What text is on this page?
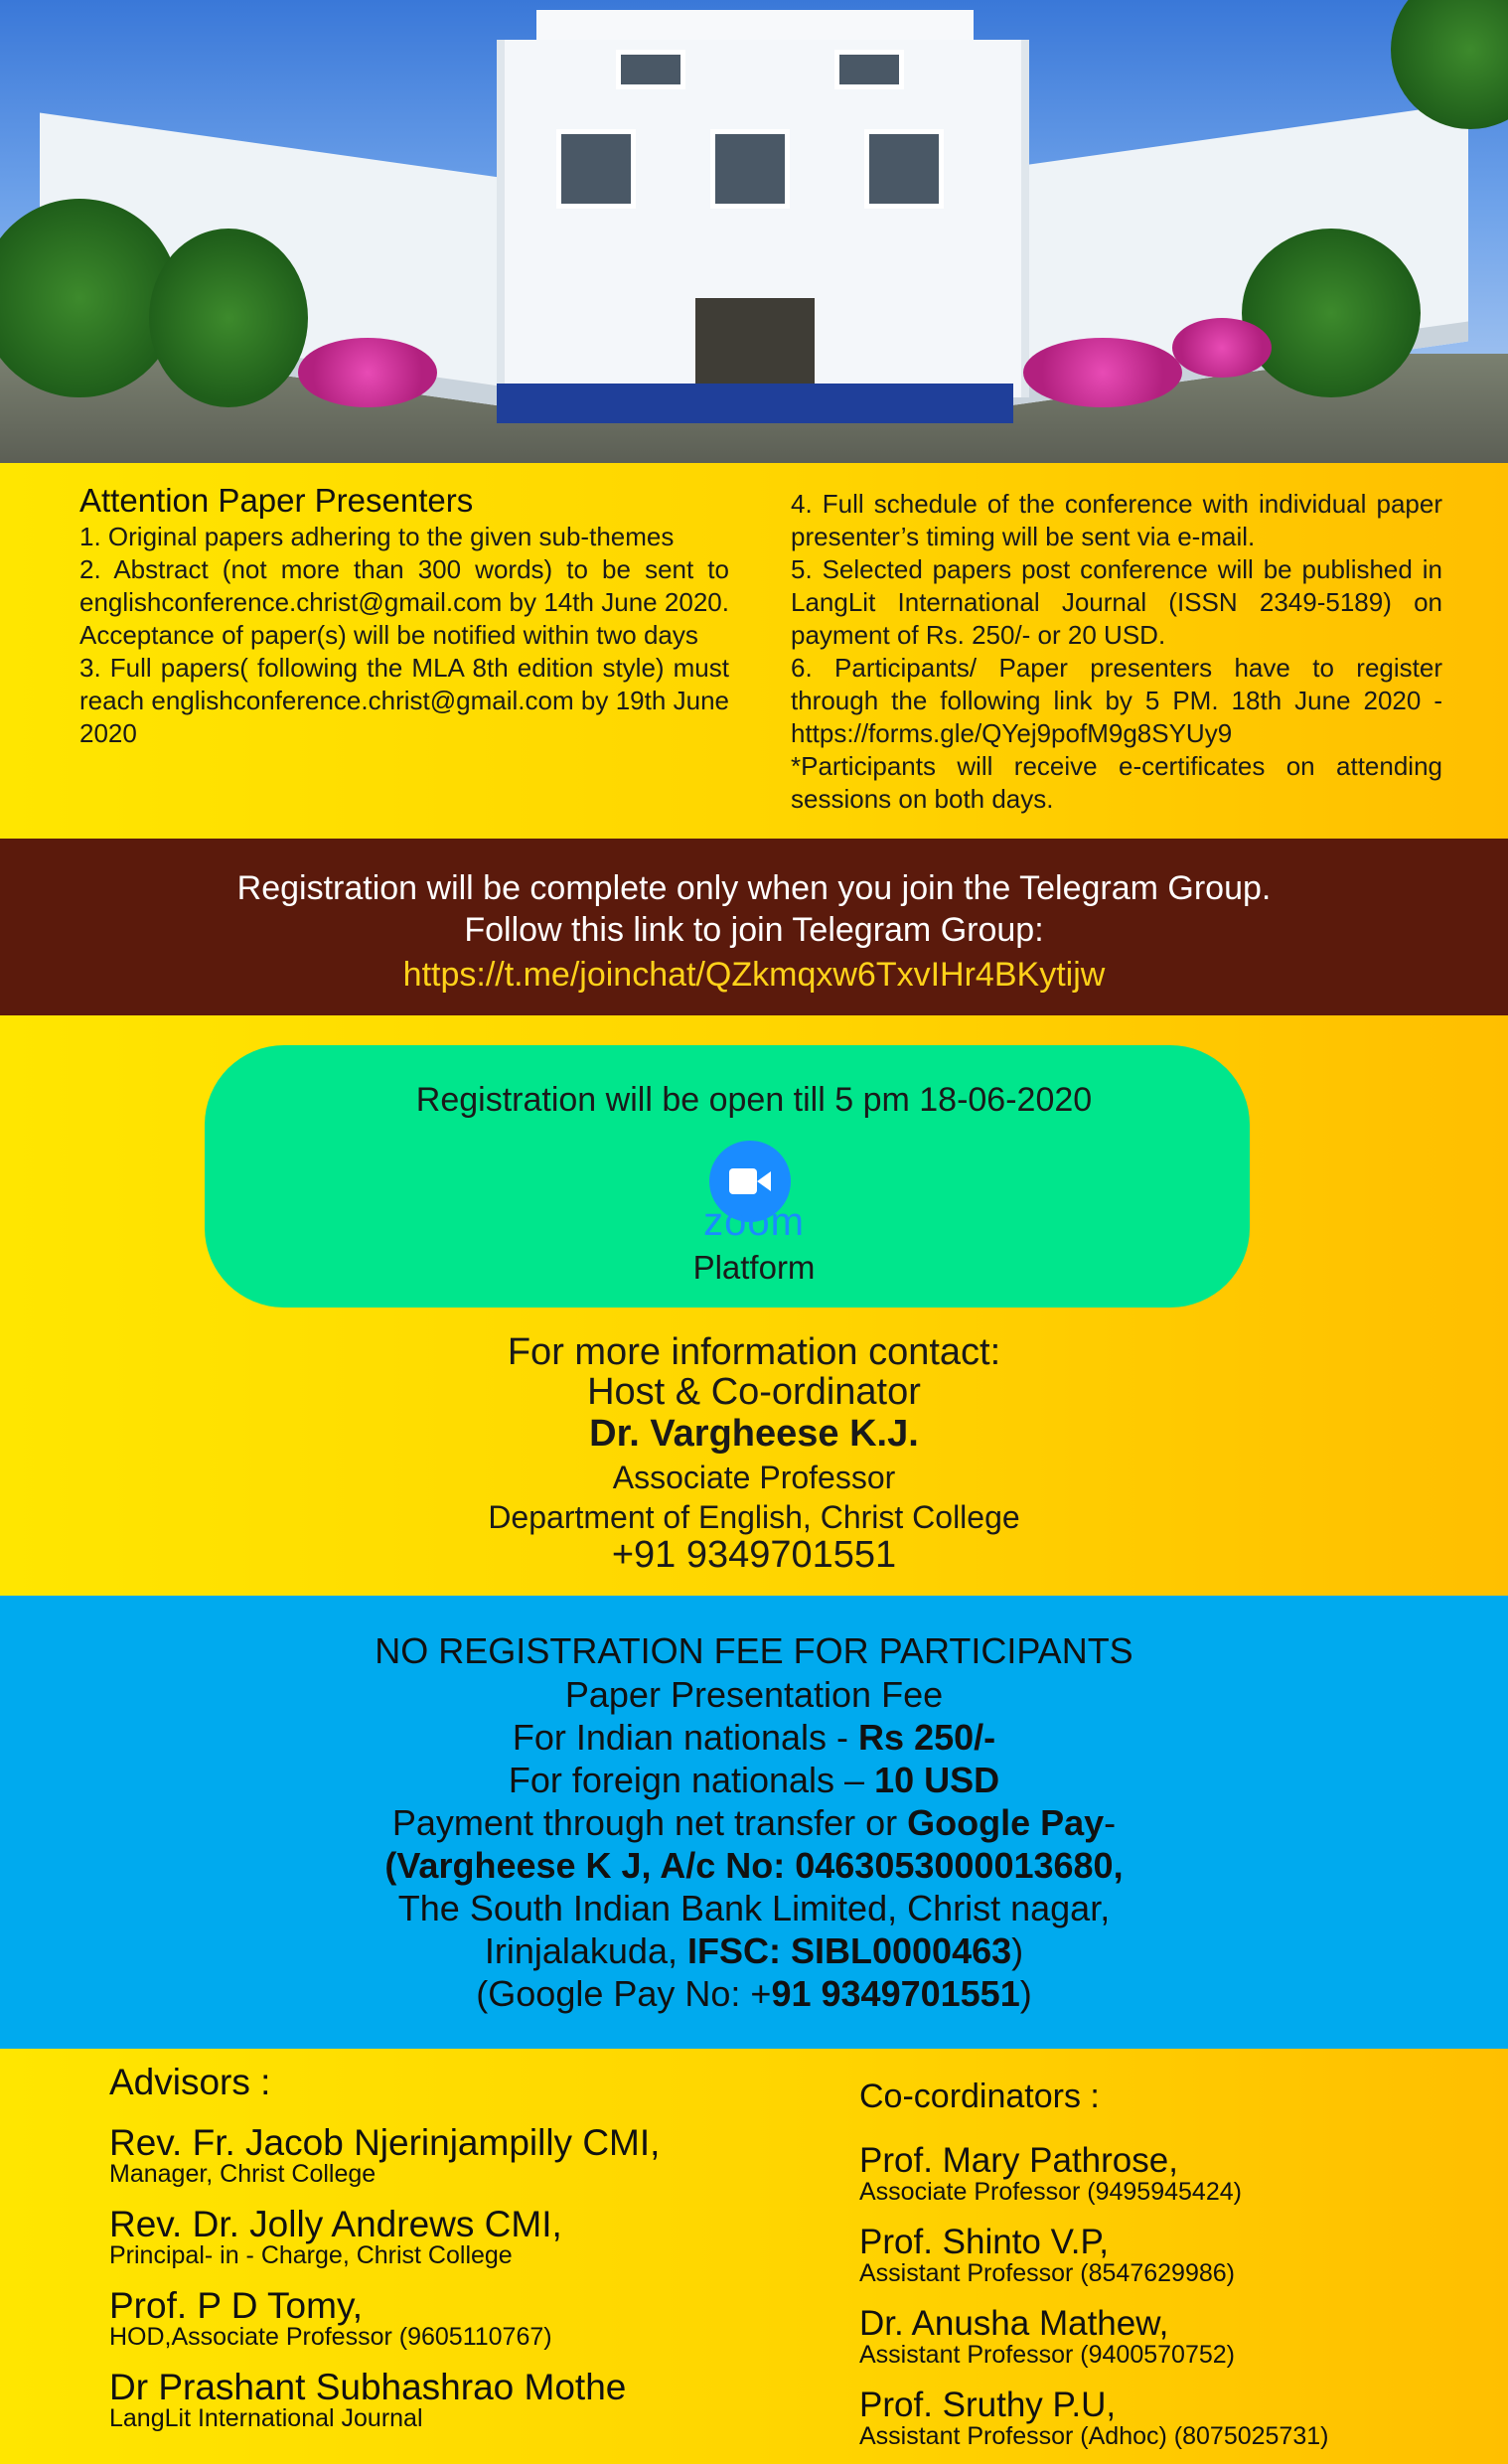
Attention Paper Presenters

1. Original papers adhering to the given sub-themes

2. Abstract (not more than 300 words) to be sent to englishconference.christ@gmail.com by 14th June 2020. Acceptance of paper(s) will be notified within two days

3. Full papers( following the MLA 8th edition style) must reach englishconference.christ@gmail.com by 19th June 2020

4. Full schedule of the conference with individual paper presenter’s timing will be sent via e-mail.

5. Selected papers post conference will be published in LangLit International Journal (ISSN 2349-5189) on payment of Rs. 250/- or 20 USD.

6. Participants/ Paper presenters have to register through the following link by 5 PM. 18th June 2020 - https://forms.gle/QYej9pofM9g8SYUy9

*Participants will receive e-certificates on attending sessions on both days.

Registration will be complete only when you join the Telegram Group.
Follow this link to join Telegram Group:
https://t.me/joinchat/QZkmqxw6TxvIHr4BKytijw
Registration will be open till 5 pm 18-06-2020
zoom
Platform
For more information contact:
Host & Co-ordinator
Dr. Vargheese K.J.
Associate Professor
Department of English, Christ College
+91 9349701551
NO REGISTRATION FEE FOR PARTICIPANTS
Paper Presentation Fee
For Indian nationals - Rs 250/-
For foreign nationals – 10 USD
Payment through net transfer or Google Pay-
(Vargheese K J, A/c No: 0463053000013680,
The South Indian Bank Limited, Christ nagar,
Irinjalakuda, IFSC: SIBL0000463)
(Google Pay No: +91 9349701551)
Advisors :
Rev. Fr. Jacob Njerinjampilly CMI,
Manager, Christ College
Rev. Dr. Jolly Andrews CMI,
Principal- in - Charge, Christ College
Prof. P D Tomy,
HOD,Associate Professor (9605110767)
Dr Prashant Subhashrao Mothe
LangLit International Journal
Co-cordinators :
Prof. Mary Pathrose,
Associate Professor (9495945424)
Prof. Shinto V.P,
Assistant Professor (8547629986)
Dr. Anusha Mathew,
Assistant Professor (9400570752)
Prof. Sruthy P.U,
Assistant Professor (Adhoc) (8075025731)
